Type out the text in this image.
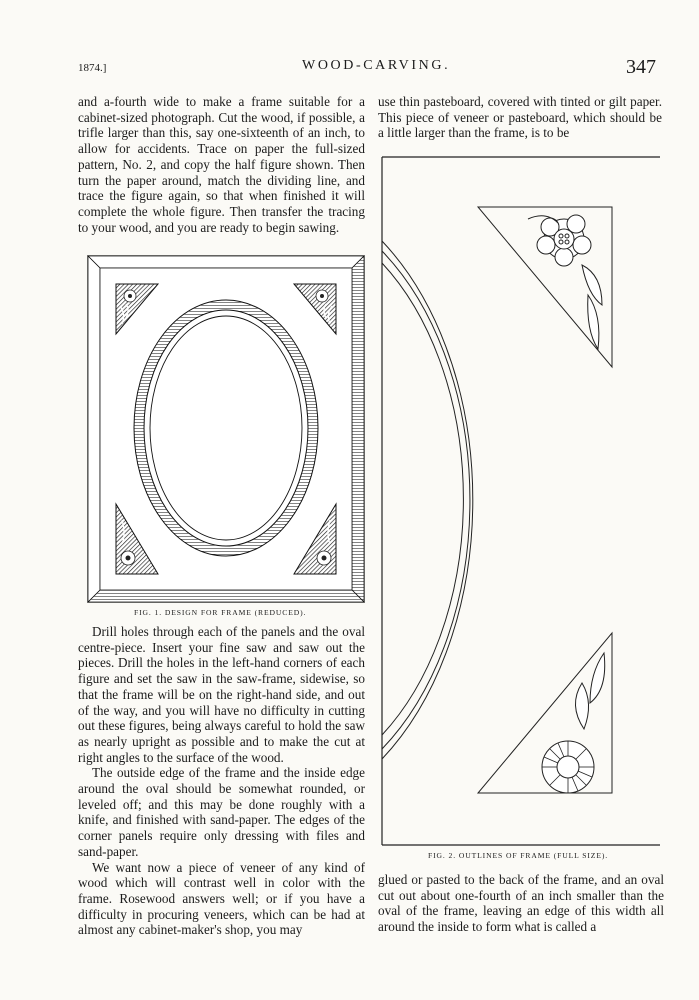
1874.]	WOOD-CARVING.	347

and a-fourth wide to make a frame suitable for a cabinet-sized photograph. Cut the wood, if possible, a trifle larger than this, say one-sixteenth of an inch, to allow for accidents. Trace on paper the full-sized pattern, No. 2, and copy the half figure shown. Then turn the paper around, match the dividing line, and trace the figure again, so that when finished it will complete the whole figure. Then transfer the tracing to your wood, and you are ready to begin sawing.

FIG. 1. DESIGN FOR FRAME (REDUCED).

Drill holes through each of the panels and the oval centre-piece. Insert your fine saw and saw out the pieces. Drill the holes in the left-hand corners of each figure and set the saw in the saw-frame, sidewise, so that the frame will be on the right-hand side, and out of the way, and you will have no difficulty in cutting out these figures, being always careful to hold the saw as nearly upright as possible and to make the cut at right angles to the surface of the wood.

The outside edge of the frame and the inside edge around the oval should be somewhat rounded, or leveled off; and this may be done roughly with a knife, and finished with sand-paper. The edges of the corner panels require only dressing with files and sand-paper.

We want now a piece of veneer of any kind of wood which will contrast well in color with the frame. Rosewood answers well; or if you have a difficulty in procuring veneers, which can be had at almost any cabinet-maker's shop, you may

use thin pasteboard, covered with tinted or gilt paper. This piece of veneer or pasteboard, which should be a little larger than the frame, is to be

FIG. 2. OUTLINES OF FRAME (FULL SIZE).

glued or pasted to the back of the frame, and an oval cut out about one-fourth of an inch smaller than the oval of the frame, leaving an edge of this width all around the inside to form what is called a
